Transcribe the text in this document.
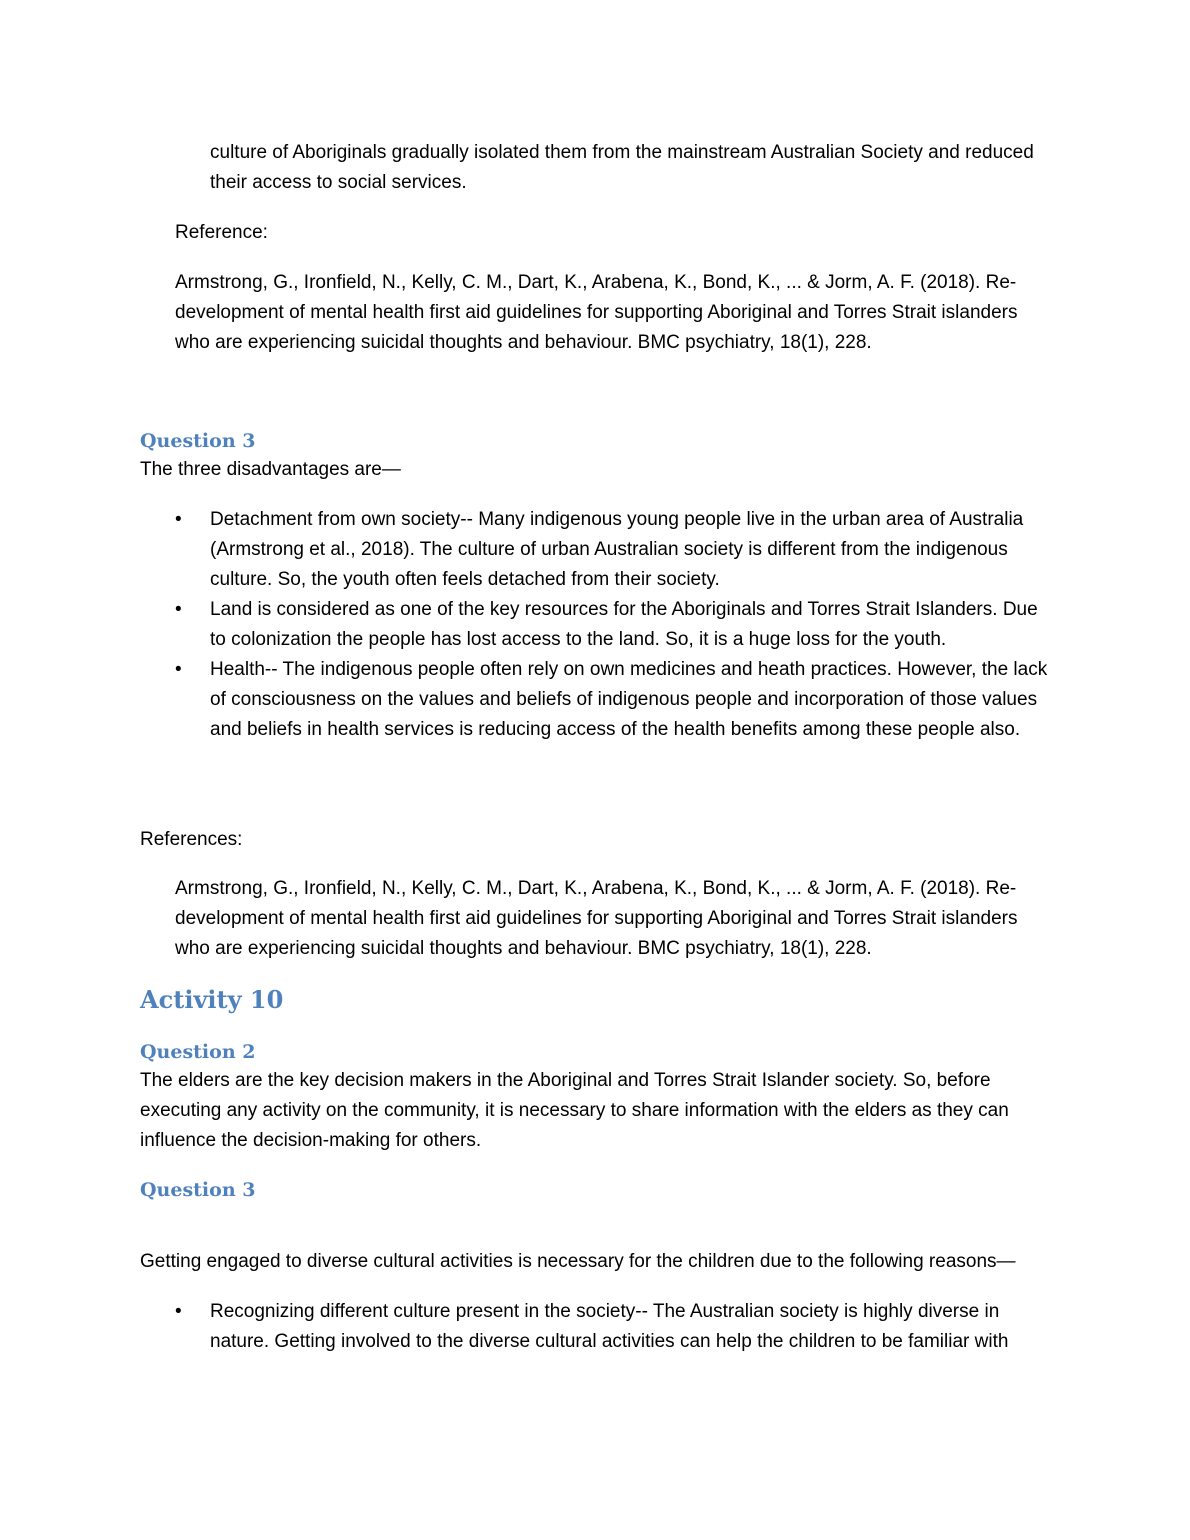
culture of Aboriginals gradually isolated them from the mainstream Australian Society and reduced their access to social services.

Reference:

Armstrong, G., Ironfield, N., Kelly, C. M., Dart, K., Arabena, K., Bond, K., ... & Jorm, A. F. (2018). Re-development of mental health first aid guidelines for supporting Aboriginal and Torres Strait islanders who are experiencing suicidal thoughts and behaviour. BMC psychiatry, 18(1), 228.

Question 3

The three disadvantages are—

• Detachment from own society-- Many indigenous young people live in the urban area of Australia (Armstrong et al., 2018). The culture of urban Australian society is different from the indigenous culture. So, the youth often feels detached from their society.
• Land is considered as one of the key resources for the Aboriginals and Torres Strait Islanders. Due to colonization the people has lost access to the land. So, it is a huge loss for the youth.
• Health-- The indigenous people often rely on own medicines and heath practices. However, the lack of consciousness on the values and beliefs of indigenous people and incorporation of those values and beliefs in health services is reducing access of the health benefits among these people also.

References:

Armstrong, G., Ironfield, N., Kelly, C. M., Dart, K., Arabena, K., Bond, K., ... & Jorm, A. F. (2018). Re-development of mental health first aid guidelines for supporting Aboriginal and Torres Strait islanders who are experiencing suicidal thoughts and behaviour. BMC psychiatry, 18(1), 228.

Activity 10
Question 2

The elders are the key decision makers in the Aboriginal and Torres Strait Islander society. So, before executing any activity on the community, it is necessary to share information with the elders as they can influence the decision-making for others.

Question 3

Getting engaged to diverse cultural activities is necessary for the children due to the following reasons—

• Recognizing different culture present in the society-- The Australian society is highly diverse in nature. Getting involved to the diverse cultural activities can help the children to be familiar with
